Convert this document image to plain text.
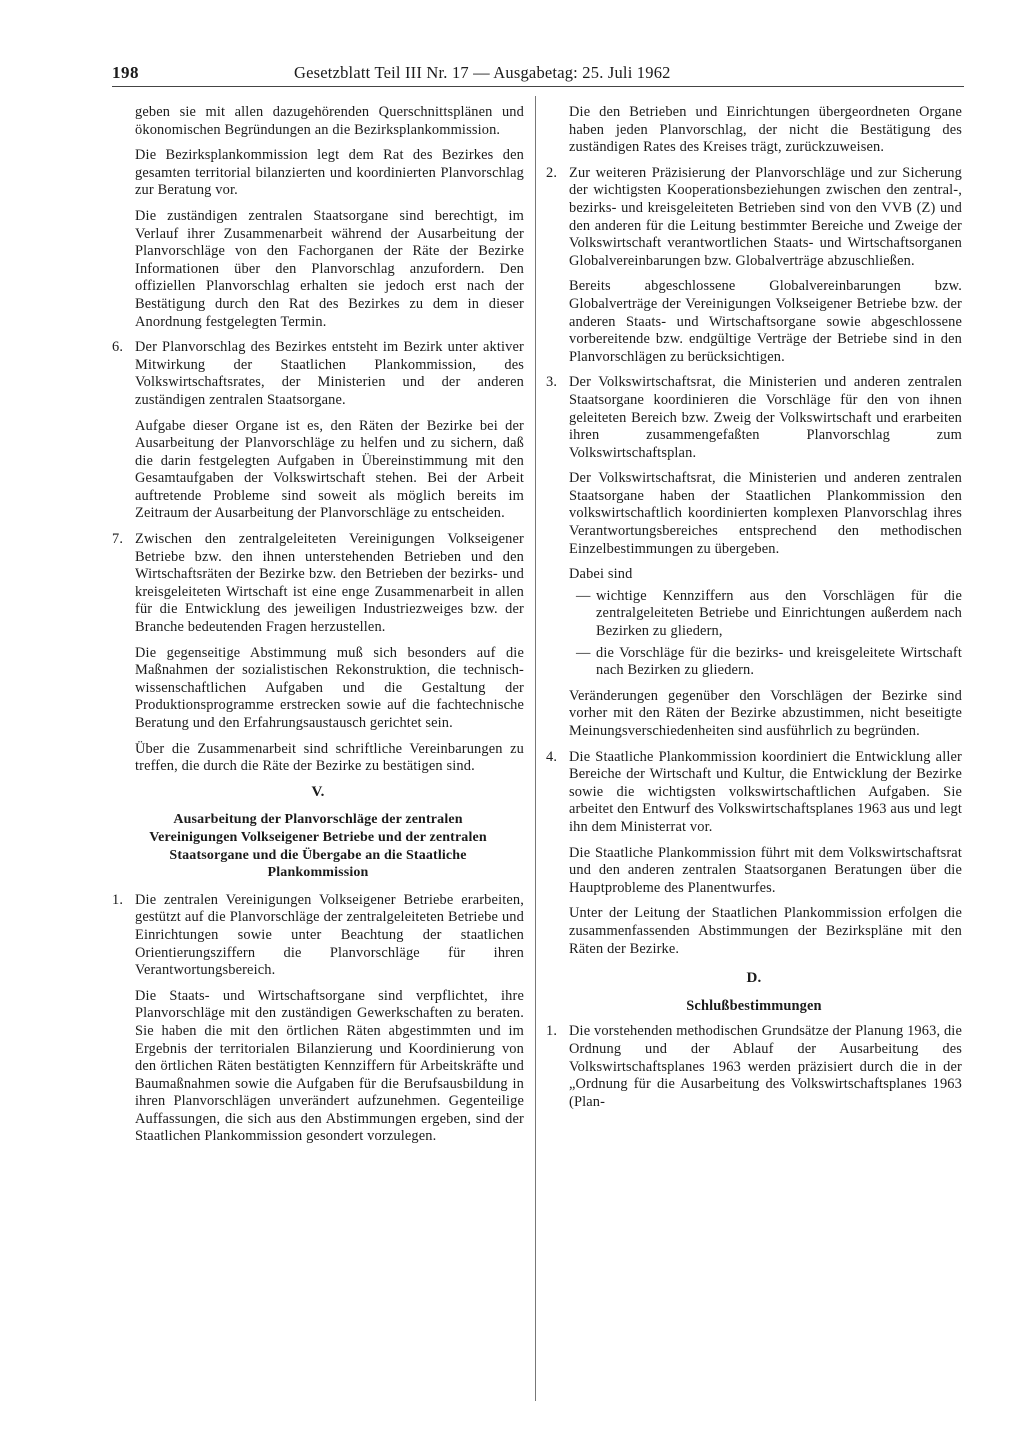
198	Gesetzblatt Teil III Nr. 17 — Ausgabetag: 25. Juli 1962

geben sie mit allen dazugehörenden Querschnittsplänen und ökonomischen Begründungen an die Bezirksplankommission.

Die Bezirksplankommission legt dem Rat des Bezirkes den gesamten territorial bilanzierten und koordinierten Planvorschlag zur Beratung vor.

Die zuständigen zentralen Staatsorgane sind berechtigt, im Verlauf ihrer Zusammenarbeit während der Ausarbeitung der Planvorschläge von den Fachorganen der Räte der Bezirke Informationen über den Planvorschlag anzufordern. Den offiziellen Planvorschlag erhalten sie jedoch erst nach der Bestätigung durch den Rat des Bezirkes zu dem in dieser Anordnung festgelegten Termin.

6. Der Planvorschlag des Bezirkes entsteht im Bezirk unter aktiver Mitwirkung der Staatlichen Plankommission, des Volkswirtschaftsrates, der Ministerien und der anderen zuständigen zentralen Staatsorgane.

Aufgabe dieser Organe ist es, den Räten der Bezirke bei der Ausarbeitung der Planvorschläge zu helfen und zu sichern, daß die darin festgelegten Aufgaben in Übereinstimmung mit den Gesamtaufgaben der Volkswirtschaft stehen. Bei der Arbeit auftretende Probleme sind soweit als möglich bereits im Zeitraum der Ausarbeitung der Planvorschläge zu entscheiden.

7. Zwischen den zentralgeleiteten Vereinigungen Volkseigener Betriebe bzw. den ihnen unterstehenden Betrieben und den Wirtschaftsräten der Bezirke bzw. den Betrieben der bezirks- und kreisgeleiteten Wirtschaft ist eine enge Zusammenarbeit in allen für die Entwicklung des jeweiligen Industriezweiges bzw. der Branche bedeutenden Fragen herzustellen.

Die gegenseitige Abstimmung muß sich besonders auf die Maßnahmen der sozialistischen Rekonstruktion, die technisch-wissenschaftlichen Aufgaben und die Gestaltung der Produktionsprogramme erstrecken sowie auf die fachtechnische Beratung und den Erfahrungsaustausch gerichtet sein.

Über die Zusammenarbeit sind schriftliche Vereinbarungen zu treffen, die durch die Räte der Bezirke zu bestätigen sind.

V.
Ausarbeitung der Planvorschläge der zentralen
Vereinigungen Volkseigener Betriebe und der zentralen
Staatsorgane und die Übergabe an die Staatliche
Plankommission
1. Die zentralen Vereinigungen Volkseigener Betriebe erarbeiten, gestützt auf die Planvorschläge der zentralgeleiteten Betriebe und Einrichtungen sowie unter Beachtung der staatlichen Orientierungsziffern die Planvorschläge für ihren Verantwortungsbereich.

Die Staats- und Wirtschaftsorgane sind verpflichtet, ihre Planvorschläge mit den zuständigen Gewerkschaften zu beraten. Sie haben die mit den örtlichen Räten abgestimmten und im Ergebnis der territorialen Bilanzierung und Koordinierung von den örtlichen Räten bestätigten Kennziffern für Arbeitskräfte und Baumaßnahmen sowie die Aufgaben für die Berufsausbildung in ihren Planvorschlägen unverändert aufzunehmen. Gegenteilige Auffassungen, die sich aus den Abstimmungen ergeben, sind der Staatlichen Plankommission gesondert vorzulegen.

Die den Betrieben und Einrichtungen übergeordneten Organe haben jeden Planvorschlag, der nicht die Bestätigung des zuständigen Rates des Kreises trägt, zurückzuweisen.

2. Zur weiteren Präzisierung der Planvorschläge und zur Sicherung der wichtigsten Kooperationsbeziehungen zwischen den zentral-, bezirks- und kreisgeleiteten Betrieben sind von den VVB (Z) und den anderen für die Leitung bestimmter Bereiche und Zweige der Volkswirtschaft verantwortlichen Staats- und Wirtschaftsorganen Globalvereinbarungen bzw. Globalverträge abzuschließen.

Bereits abgeschlossene Globalvereinbarungen bzw. Globalverträge der Vereinigungen Volkseigener Betriebe bzw. der anderen Staats- und Wirtschaftsorgane sowie abgeschlossene vorbereitende bzw. endgültige Verträge der Betriebe sind in den Planvorschlägen zu berücksichtigen.

3. Der Volkswirtschaftsrat, die Ministerien und anderen zentralen Staatsorgane koordinieren die Vorschläge für den von ihnen geleiteten Bereich bzw. Zweig der Volkswirtschaft und erarbeiten ihren zusammengefaßten Planvorschlag zum Volkswirtschaftsplan.

Der Volkswirtschaftsrat, die Ministerien und anderen zentralen Staatsorgane haben der Staatlichen Plankommission den volkswirtschaftlich koordinierten komplexen Planvorschlag ihres Verantwortungsbereiches entsprechend den methodischen Einzelbestimmungen zu übergeben.

Dabei sind

— wichtige Kennziffern aus den Vorschlägen für die zentralgeleiteten Betriebe und Einrichtungen außerdem nach Bezirken zu gliedern,
— die Vorschläge für die bezirks- und kreisgeleitete Wirtschaft nach Bezirken zu gliedern.

Veränderungen gegenüber den Vorschlägen der Bezirke sind vorher mit den Räten der Bezirke abzustimmen, nicht beseitigte Meinungsverschiedenheiten sind ausführlich zu begründen.

4. Die Staatliche Plankommission koordiniert die Entwicklung aller Bereiche der Wirtschaft und Kultur, die Entwicklung der Bezirke sowie die wichtigsten volkswirtschaftlichen Aufgaben. Sie arbeitet den Entwurf des Volkswirtschaftsplanes 1963 aus und legt ihn dem Ministerrat vor.

Die Staatliche Plankommission führt mit dem Volkswirtschaftsrat und den anderen zentralen Staatsorganen Beratungen über die Hauptprobleme des Planentwurfes.

Unter der Leitung der Staatlichen Plankommission erfolgen die zusammenfassenden Abstimmungen der Bezirkspläne mit den Räten der Bezirke.

D.
Schlußbestimmungen
1. Die vorstehenden methodischen Grundsätze der Planung 1963, die Ordnung und der Ablauf der Ausarbeitung des Volkswirtschaftsplanes 1963 werden präzisiert durch die in der „Ordnung für die Ausarbeitung des Volkswirtschaftsplanes 1963 (Plan-
